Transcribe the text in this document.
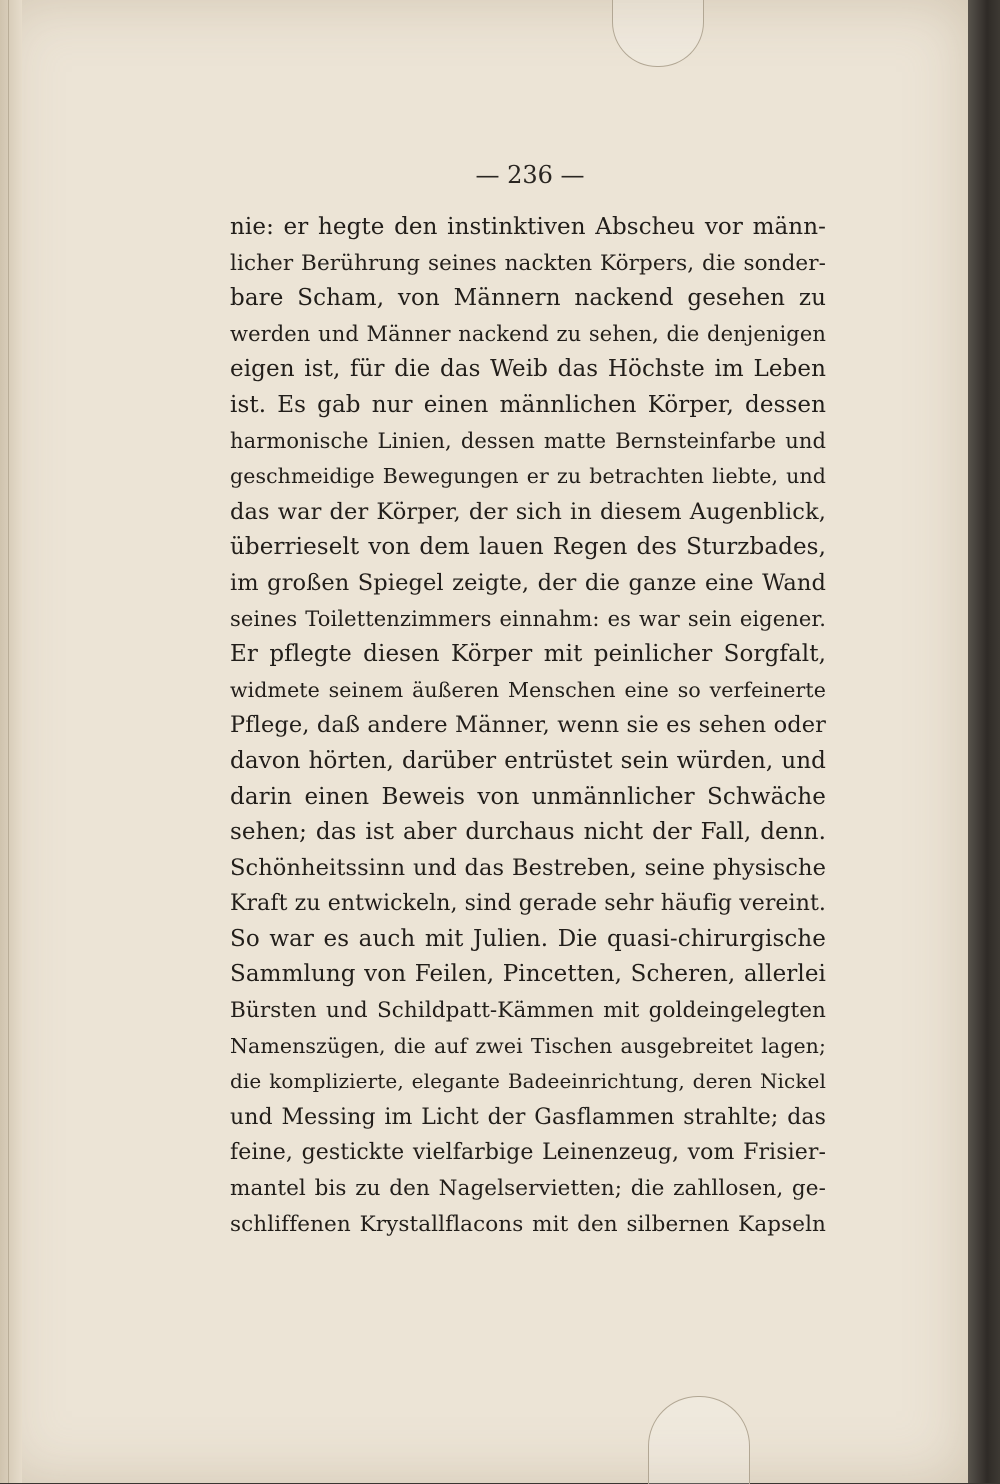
— 236 —
nie: er hegte den instinktiven Abscheu vor männ-
licher Berührung seines nackten Körpers, die sonder-
bare Scham, von Männern nackend gesehen zu
werden und Männer nackend zu sehen, die denjenigen
eigen ist, für die das Weib das Höchste im Leben
ist. Es gab nur einen männlichen Körper, dessen
harmonische Linien, dessen matte Bernsteinfarbe und
geschmeidige Bewegungen er zu betrachten liebte, und
das war der Körper, der sich in diesem Augenblick,
überrieselt von dem lauen Regen des Sturzbades,
im großen Spiegel zeigte, der die ganze eine Wand
seines Toilettenzimmers einnahm: es war sein eigener.
Er pflegte diesen Körper mit peinlicher Sorgfalt,
widmete seinem äußeren Menschen eine so verfeinerte
Pflege, daß andere Männer, wenn sie es sehen oder
davon hörten, darüber entrüstet sein würden, und
darin einen Beweis von unmännlicher Schwäche
sehen; das ist aber durchaus nicht der Fall, denn.
Schönheitssinn und das Bestreben, seine physische
Kraft zu entwickeln, sind gerade sehr häufig vereint.
So war es auch mit Julien. Die quasi-chirurgische
Sammlung von Feilen, Pincetten, Scheren, allerlei
Bürsten und Schildpatt-Kämmen mit goldeingelegten
Namenszügen, die auf zwei Tischen ausgebreitet lagen;
die komplizierte, elegante Badeeinrichtung, deren Nickel
und Messing im Licht der Gasflammen strahlte; das
feine, gestickte vielfarbige Leinenzeug, vom Frisier-
mantel bis zu den Nagelservietten; die zahllosen, ge-
schliffenen Krystallflacons mit den silbernen Kapseln
